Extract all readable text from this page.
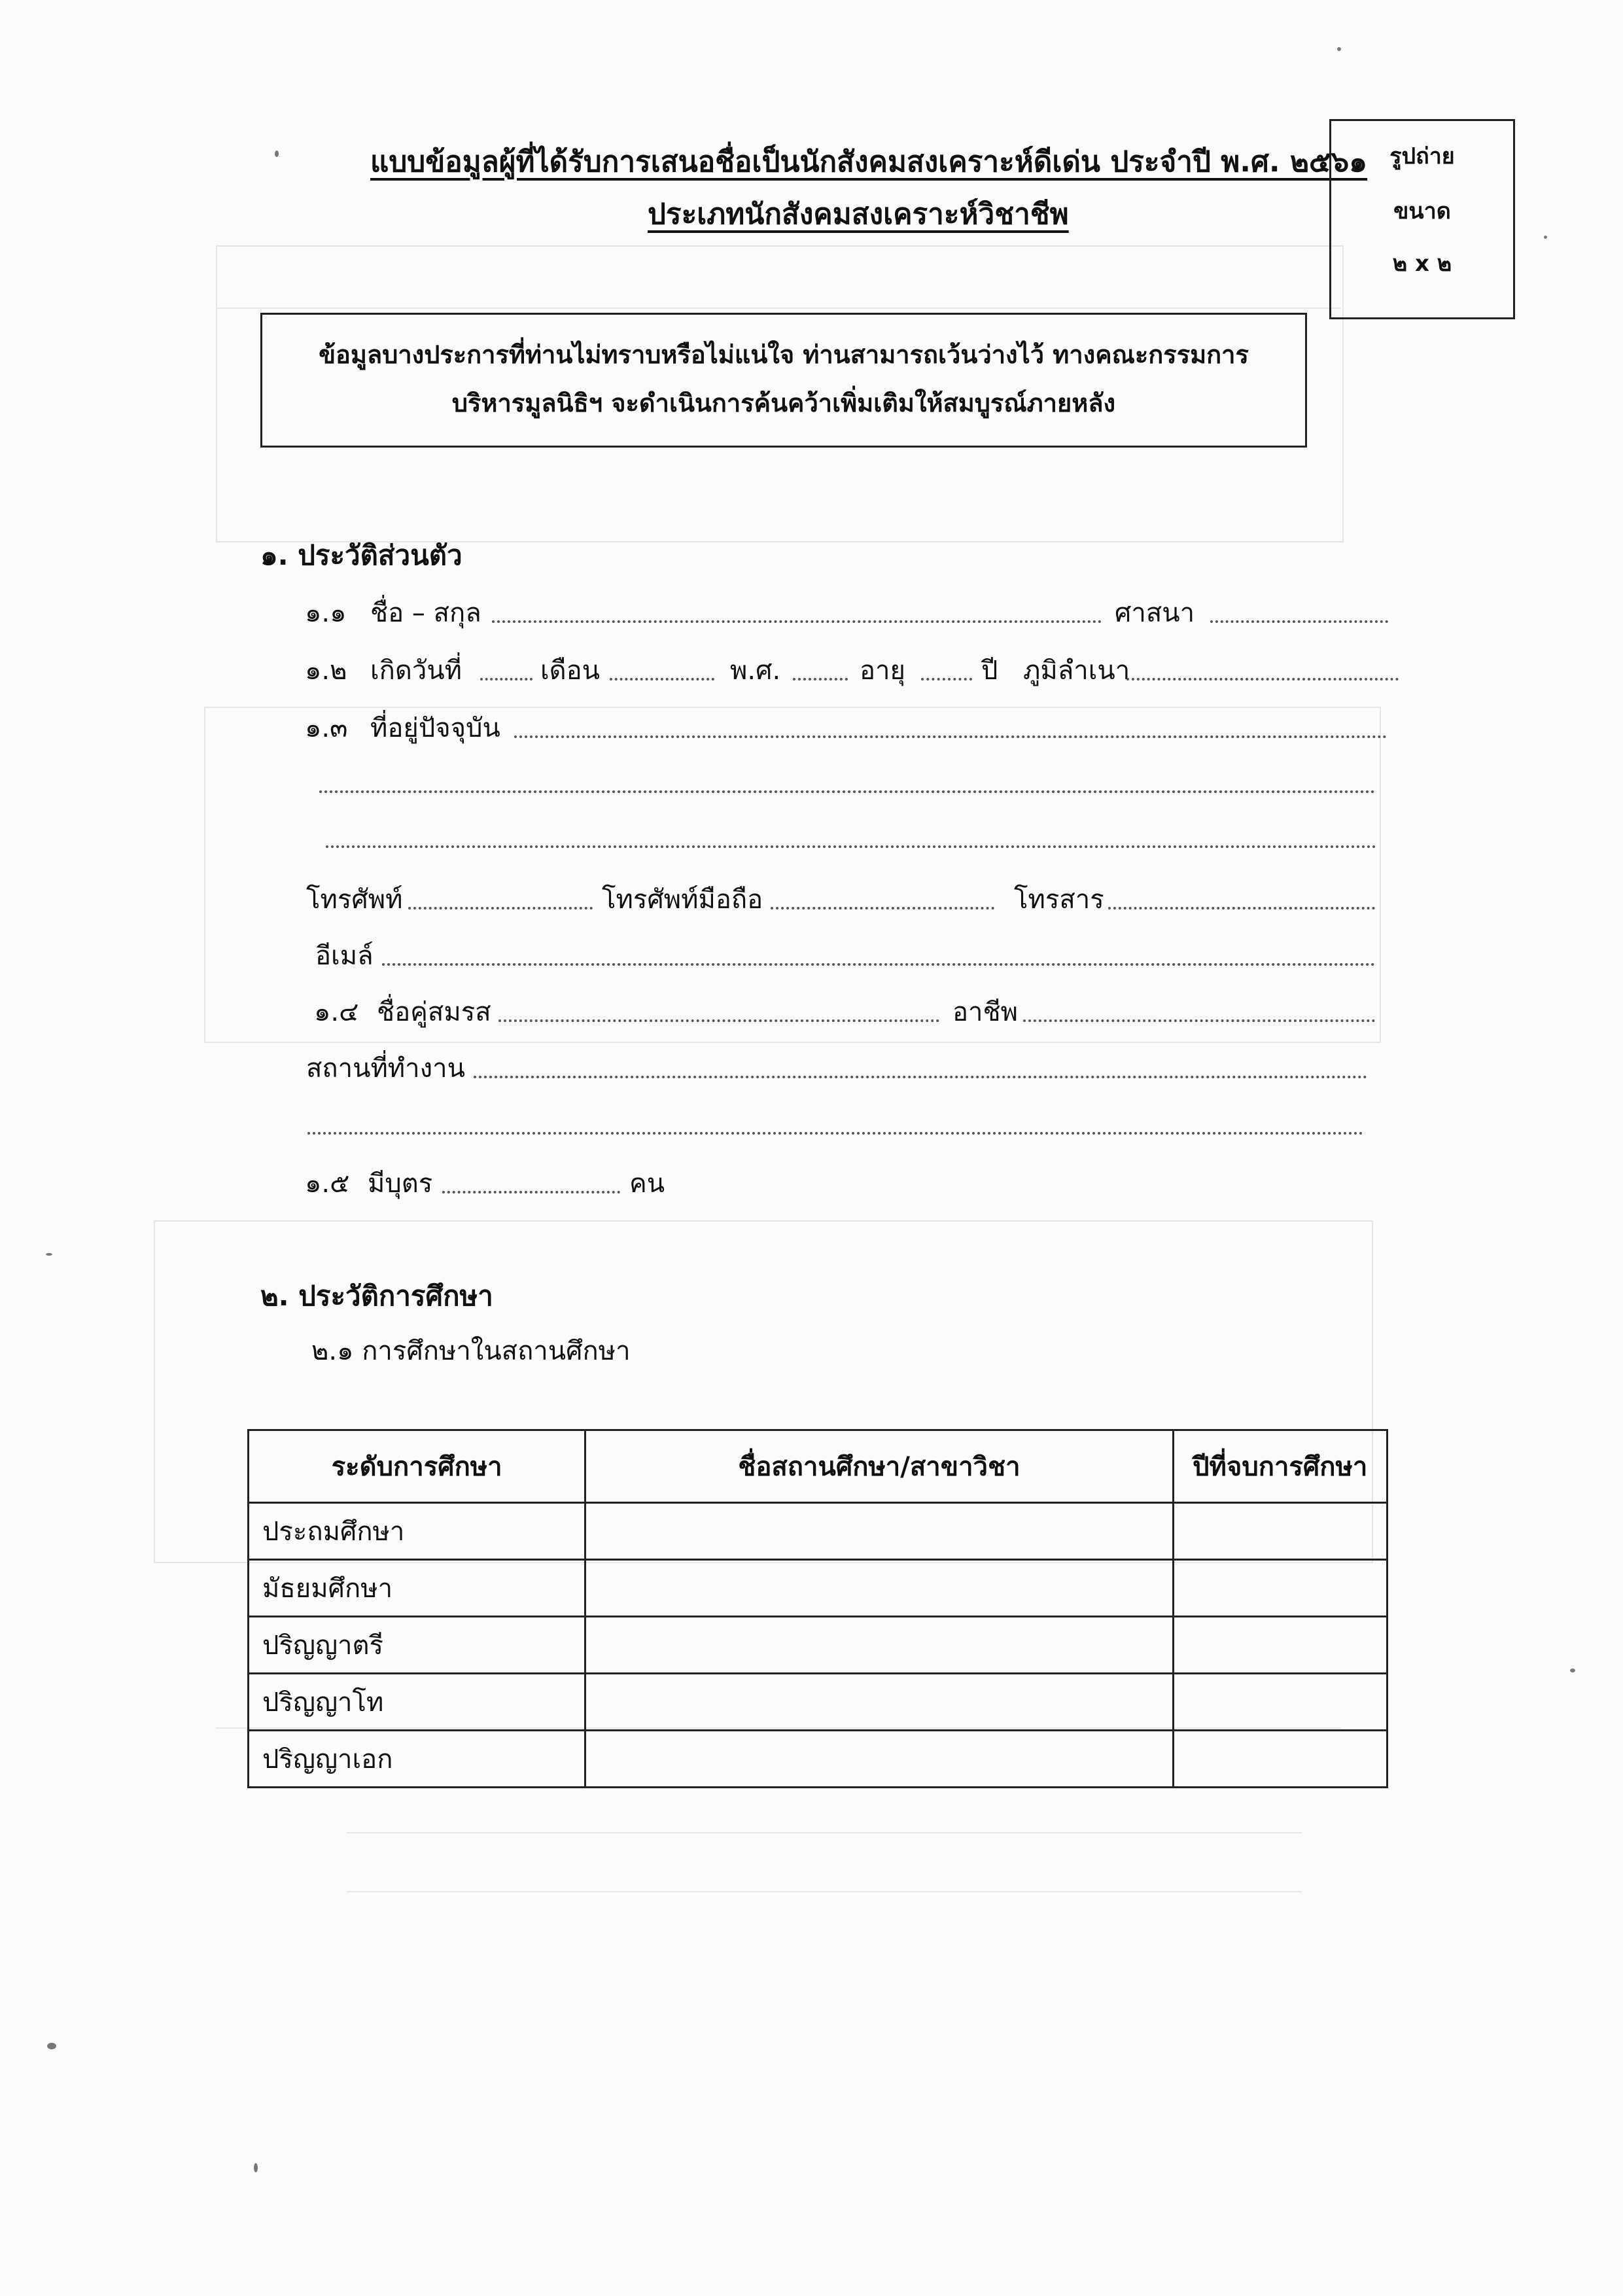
แบบข้อมูลผู้ที่ได้รับการเสนอชื่อเป็นนักสังคมสงเคราะห์ดีเด่น ประจำปี พ.ศ. ๒๕๖๑
ประเภทนักสังคมสงเคราะห์วิชาชีพ
รูปถ่าย
ขนาด
๒ x ๒
ข้อมูลบางประการที่ท่านไม่ทราบหรือไม่แน่ใจ ท่านสามารถเว้นว่างไว้ ทางคณะกรรมการ
บริหารมูลนิธิฯ จะดำเนินการค้นคว้าเพิ่มเติมให้สมบูรณ์ภายหลัง
๑. ประวัติส่วนตัว
๑.๑ ชื่อ – สกุล	ศาสนา
๑.๒ เกิดวันที่	เดือน	พ.ศ.	อายุ	ปี ภูมิลำเนา
๑.๓ ที่อยู่ปัจจุบัน
โทรศัพท์	โทรศัพท์มือถือ	โทรสาร
อีเมล์
๑.๔ ชื่อคู่สมรส	อาชีพ
สถานที่ทำงาน
๑.๕ มีบุตร	คน
๒. ประวัติการศึกษา
๒.๑ การศึกษาในสถานศึกษา
ระดับการศึกษา	ชื่อสถานศึกษา/สาขาวิชา	ปีที่จบการศึกษา
ประถมศึกษา		
มัธยมศึกษา		
ปริญญาตรี		
ปริญญาโท		
ปริญญาเอก		
